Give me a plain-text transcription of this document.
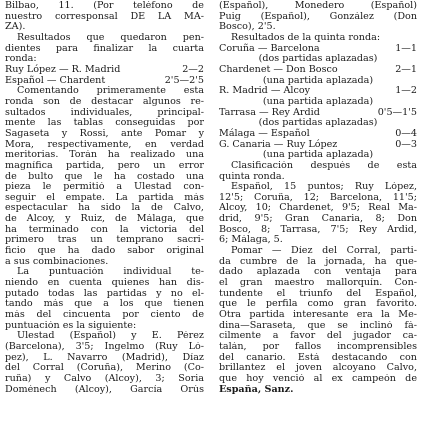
Bilbao, 11. (Por teléfono de
nuestro corresponsal DE LA MA-
ZA).
Resultados que quedaron pen-
dientes para finalizar la cuarta
ronda:
Ruy López — R. Madrid	2—2
Español — Chardent	2'5—2'5
Comentando primeramente esta
ronda son de destacar algunos re-
sultados individuales, principal-
mente las tablas conseguidas por
Sagaseta y Rossi, ante Pomar y
Mora, respectivamente, en verdad
meritorias. Torán ha realizado una
magnífica partida, pero un error
de bulto que le ha costado una
pieza le permitió a Ulestad con-
seguir el empate. La partida más
espectacular ha sido la de Calvo,
de Alcoy, y Ruiz, de Málaga, que
ha terminado con la victoria del
primero tras un temprano sacri-
ficio que ha dado sabor original
a sus combinaciones.
La puntuación individual te-
niendo en cuenta quienes han dis-
putado todas las partidas y no el-
tando más que a los que tienen
más del cincuenta por ciento de
puntuación es la siguiente:
Ulestad (Español) y E. Pérez
(Barcelona), 3'5; Ingelmo (Ruy Ló-
pez), L. Navarro (Madrid), Díaz
del Corral (Coruña), Merino (Co-
ruña) y Calvo (Alcoy), 3; Soria
Doménech (Alcoy), García Orús
(Español), Monedero (Español)
Puig (Español), González (Don
Bosco), 2'5.
Resultados de la quinta ronda:
Coruña — Barcelona	1—1
(dos partidas aplazadas)
Chardenet — Don Bosco	2—1
(una partida aplazada)
R. Madrid — Alcoy	1—2
(una partida aplazada)
Tarrasa — Rey Ardid	0'5—1'5
(dos partidas aplazadas)
Málaga — Español	0—4
G. Canaria — Ruy López	0—3
(una partida aplazada)
Clasificación después de esta
quinta ronda.
Español, 15 puntos; Ruy López,
12'5; Coruña, 12; Barcelona, 11'5;
Alcoy, 10; Chardenet, 9'5; Real Ma-
drid, 9'5; Gran Canaria, 8; Don
Bosco, 8; Tarrasa, 7'5; Rey Ardid,
6; Málaga, 5.
Pomar — Díez del Corral, parti-
da cumbre de la jornada, ha que-
dado aplazada con ventaja para
el gran maestro mallorquín. Con-
tundente el triunfo del Español,
que le perfila como gran favorito.
Otra partida interesante era la Me-
dina—Saraseta, que se inclinó fá-
cilmente a favor del jugador ca-
talán, por fallos incomprensibles
del canario. Está destacando con
brillantez el joven alcoyano Calvo,
que hoy venció al ex campeón de
España, Sanz.
